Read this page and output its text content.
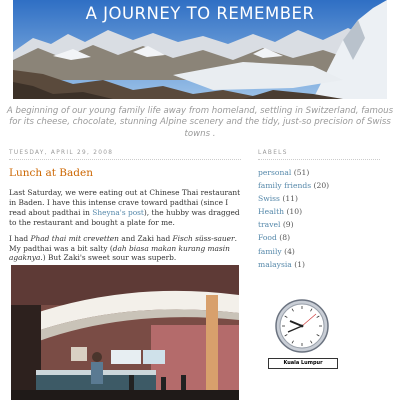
A JOURNEY TO REMEMBER
A beginning of our young family life away from homeland, settling in Switzerland, famous for its cheese, chocolate, stunning Alpine scenery and the tidy, just-so precision of Swiss towns .
TUESDAY, APRIL 29, 2008
Lunch at Baden

Last Saturday, we were eating out at Chinese Thai restaurant in Baden. I have this intense crave toward padthai (since I read about padthai in Sheyna's post), the hubby was dragged to the restaurant and bought a plate for me.

I had Phad thai mit crevetten and Zaki had Fisch süss-sauer. My padthai was a bit salty (dah biasa makan kurang masin agaknya.) But Zaki's sweet sour was superb.

LABELS
personal (51)
family friends (20)
Swiss (11)
Health (10)
travel (9)
Food (8)
family (4)
malaysia (1)
Kuala Lumpur
